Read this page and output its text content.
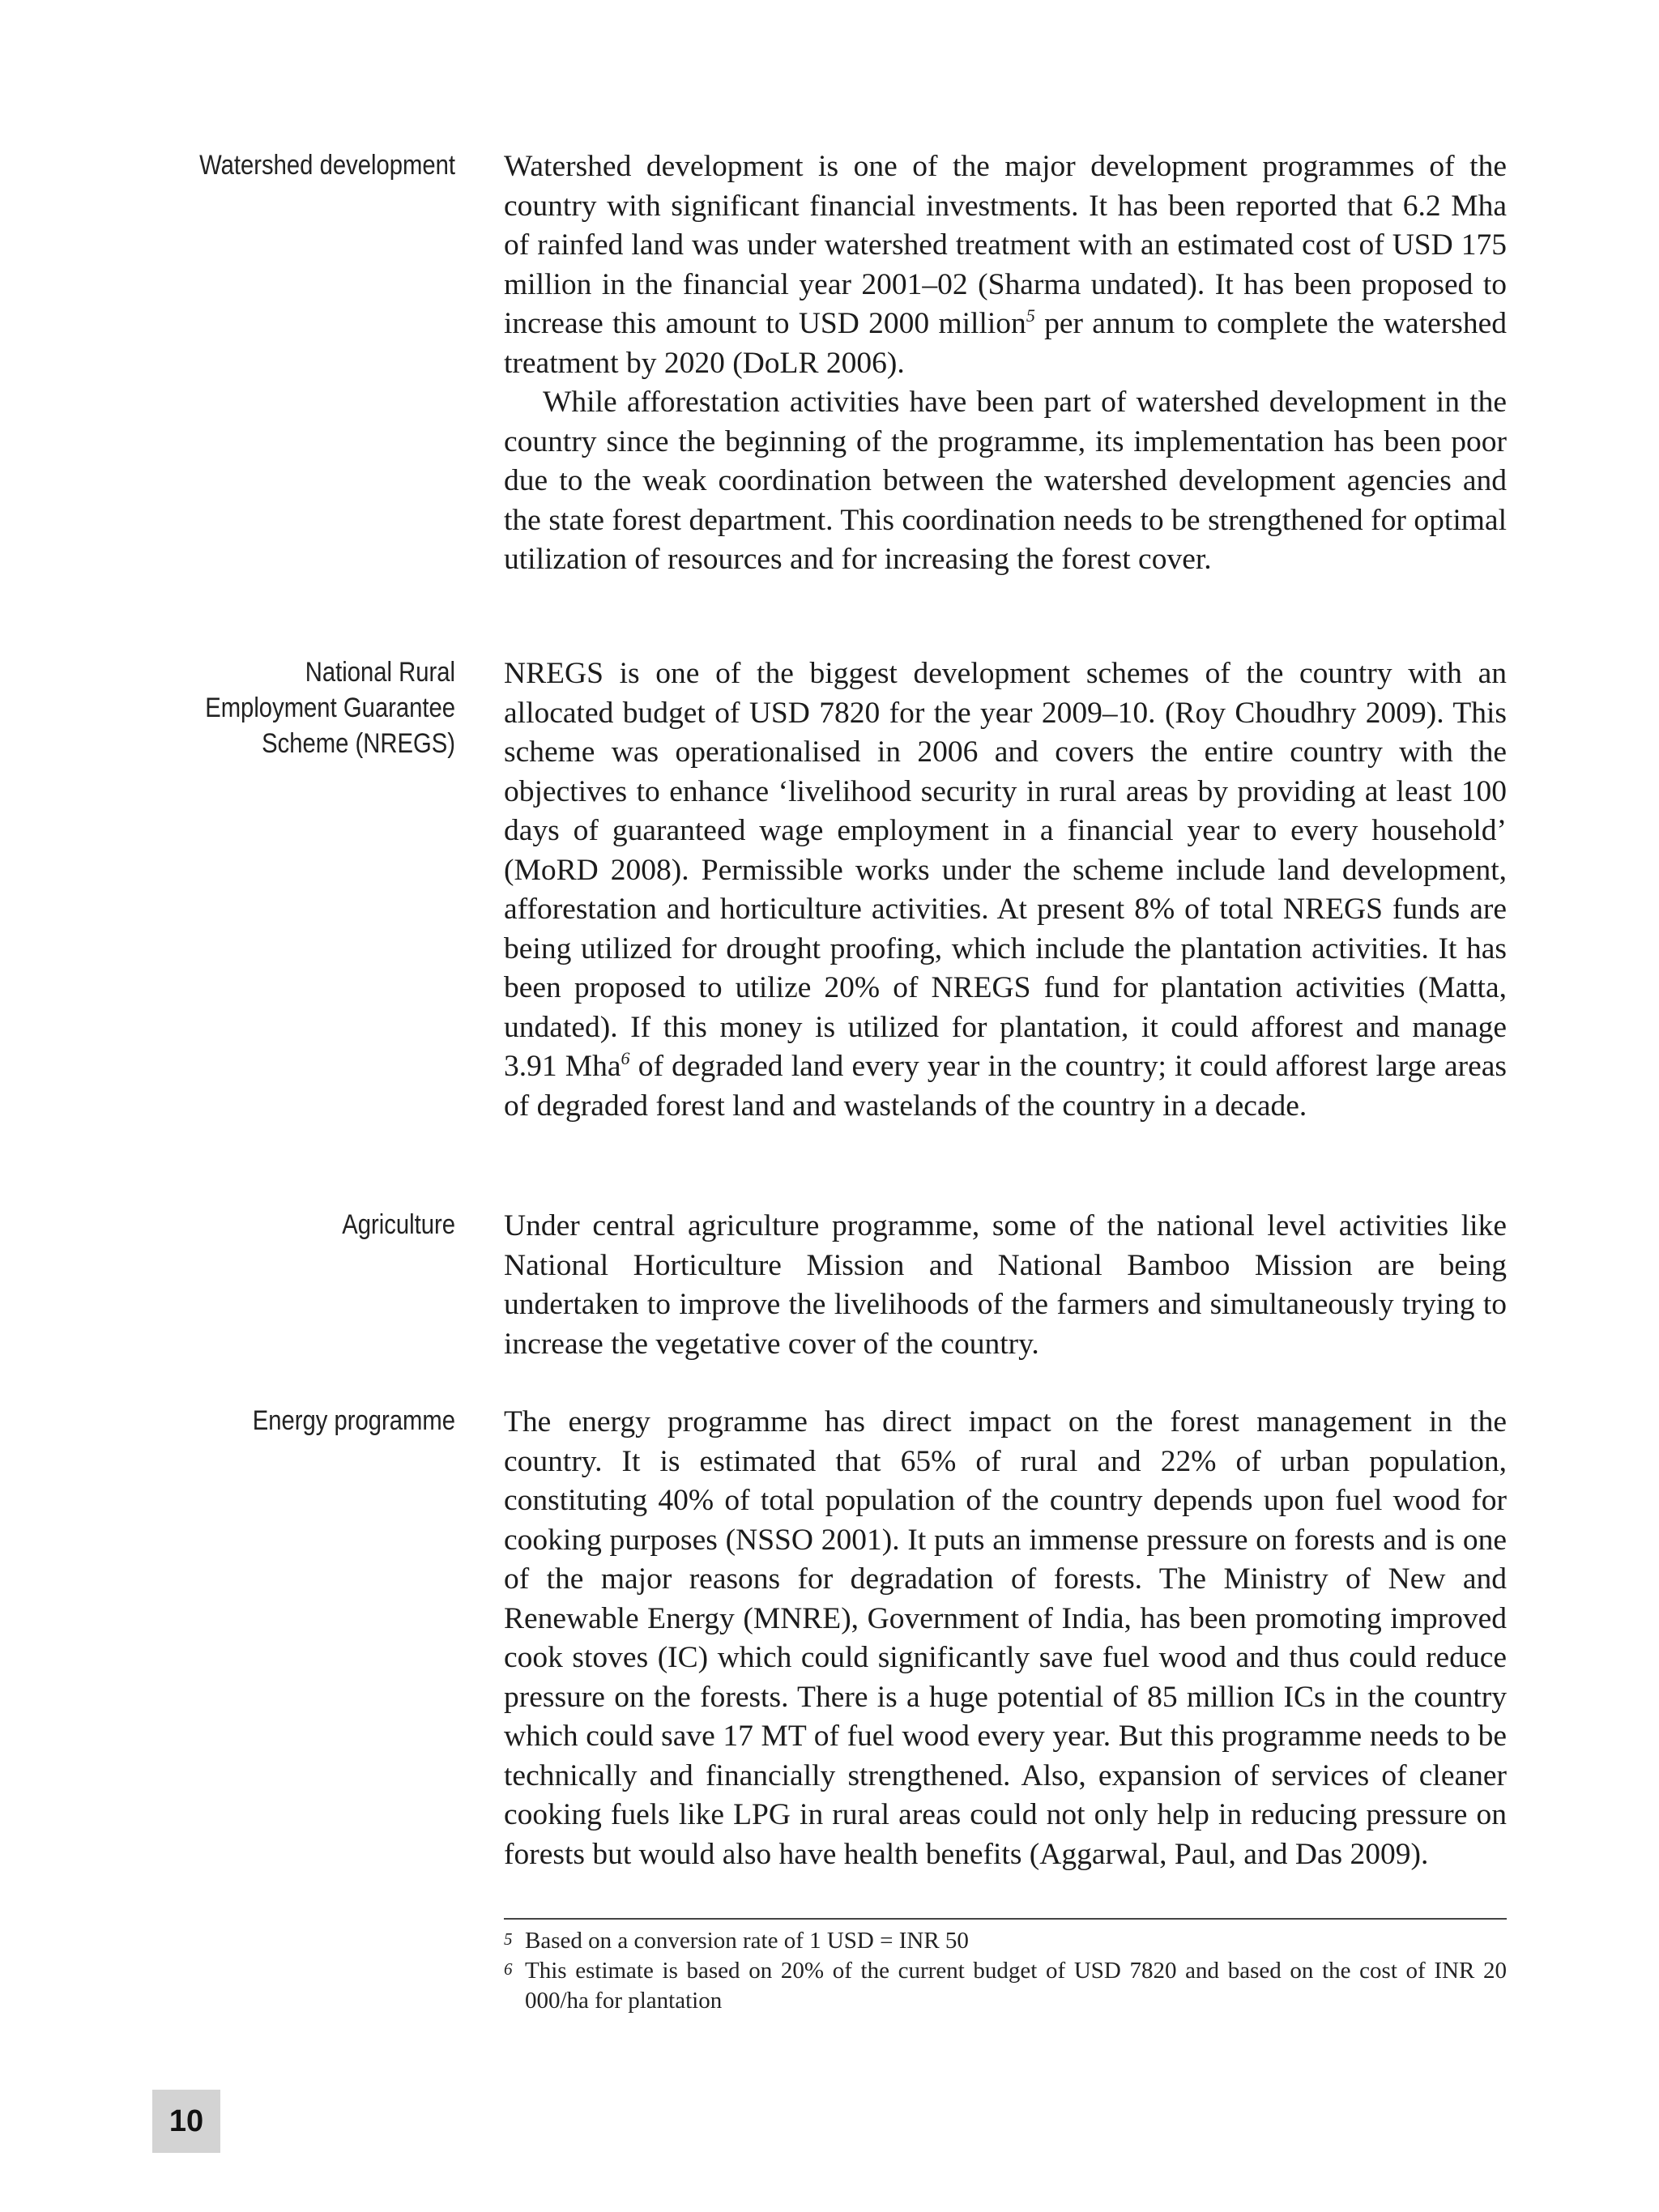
Watershed development Watershed development is one of the major development programmes of the country with significant financial investments. It has been reported that 6.2 Mha of rainfed land was under watershed treatment with an estimated cost of USD 175 million in the financial year 2001–02 (Sharma undated). It has been proposed to increase this amount to USD 2000 million$^5$ per annum to complete the watershed treatment by 2020 (DoLR 2006).

While afforestation activities have been part of watershed development in the country since the beginning of the programme, its implementation has been poor due to the weak coordination between the watershed development agencies and the state forest department. This coordination needs to be strengthened for optimal utilization of resources and for increasing the forest cover.

National Rural
Employment Guarantee
Scheme (NREGS)

NREGS is one of the biggest development schemes of the country with an allocated budget of USD 7820 for the year 2009–10. (Roy Choudhry 2009). This scheme was operationalised in 2006 and covers the entire country with the objectives to enhance ‘livelihood security in rural areas by providing at least 100 days of guaranteed wage employment in a financial year to every household’ (MoRD 2008). Permissible works under the scheme include land development, afforestation and horticulture activities. At present 8% of total NREGS funds are being utilized for drought proofing, which include the plantation activities. It has been proposed to utilize 20% of NREGS fund for plantation activities (Matta, undated). If this money is utilized for plantation, it could afforest and manage 3.91 Mha$^6$ of degraded land every year in the country; it could afforest large areas of degraded forest land and wastelands of the country in a decade.

Agriculture Under central agriculture programme, some of the national level activities like National Horticulture Mission and National Bamboo Mission are being undertaken to improve the livelihoods of the farmers and simultaneously trying to increase the vegetative cover of the country.

Energy programme The energy programme has direct impact on the forest management in the country. It is estimated that 65% of rural and 22% of urban population, constituting 40% of total population of the country depends upon fuel wood for cooking purposes (NSSO 2001). It puts an immense pressure on forests and is one of the major reasons for degradation of forests. The Ministry of New and Renewable Energy (MNRE), Government of India, has been promoting improved cook stoves (IC) which could significantly save fuel wood and thus could reduce pressure on the forests. There is a huge potential of 85 million ICs in the country which could save 17 MT of fuel wood every year. But this programme needs to be technically and financially strengthened. Also, expansion of services of cleaner cooking fuels like LPG in rural areas could not only help in reducing pressure on forests but would also have health benefits (Aggarwal, Paul, and Das 2009).

5 Based on a conversion rate of 1 USD = INR 50
6 This estimate is based on 20% of the current budget of USD 7820 and based on the cost of INR 20 000/ha for plantation
10
